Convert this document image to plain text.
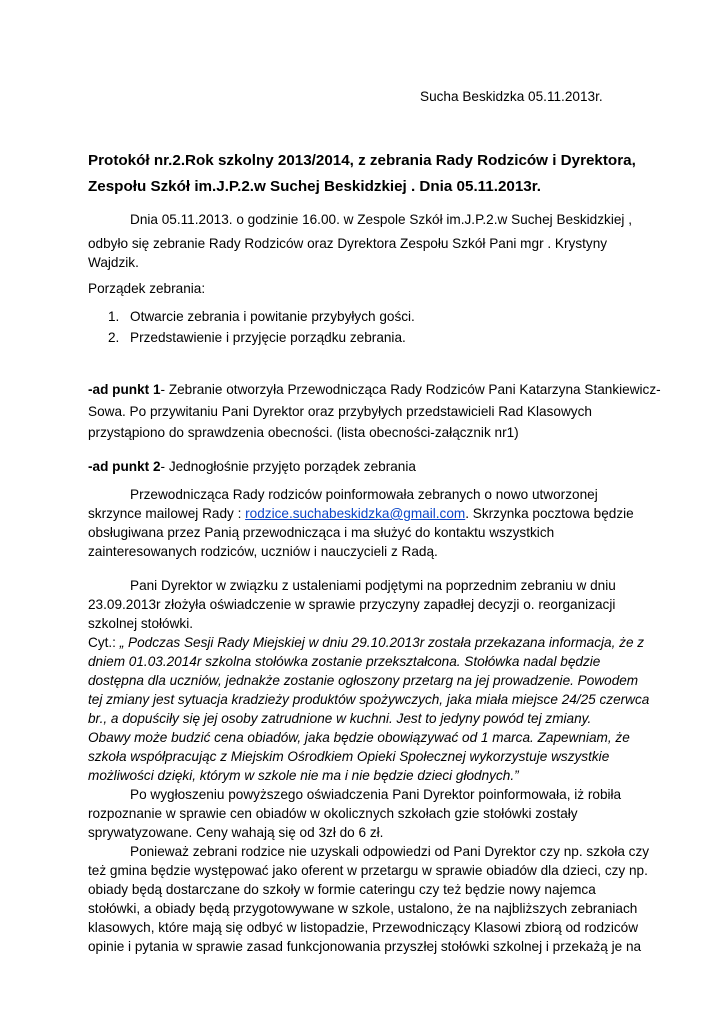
Sucha Beskidzka 05.11.2013r.
Protokół nr.2.Rok szkolny 2013/2014, z zebrania Rady Rodziców i Dyrektora,
Zespołu Szkół im.J.P.2.w Suchej Beskidzkiej . Dnia 05.11.2013r.
Dnia 05.11.2013. o godzinie 16.00. w Zespole Szkół im.J.P.2.w Suchej Beskidzkiej ,
odbyło się zebranie Rady Rodziców oraz Dyrektora Zespołu Szkół Pani mgr . Krystyny
Wajdzik.
Porządek zebrania:
1. Otwarcie zebrania i powitanie przybyłych gości.
2. Przedstawienie i przyjęcie porządku zebrania.
-ad punkt 1- Zebranie otworzyła Przewodnicząca Rady Rodziców Pani Katarzyna Stankiewicz-
Sowa. Po przywitaniu Pani Dyrektor oraz przybyłych przedstawicieli Rad Klasowych
przystąpiono do sprawdzenia obecności. (lista obecności-załącznik nr1)
-ad punkt 2- Jednogłośnie przyjęto porządek zebrania
Przewodnicząca Rady rodziców poinformowała zebranych o nowo utworzonej
skrzynce mailowej Rady : rodzice.suchabeskidzka@gmail.com. Skrzynka pocztowa będzie
obsługiwana przez Panią przewodnicząca i ma służyć do kontaktu wszystkich
zainteresowanych rodziców, uczniów i nauczycieli z Radą.
Pani Dyrektor w związku z ustaleniami podjętymi na poprzednim zebraniu w dniu
23.09.2013r złożyła oświadczenie w sprawie przyczyny zapadłej decyzji o. reorganizacji
szkolnej stołówki.
Cyt.: „ Podczas Sesji Rady Miejskiej w dniu 29.10.2013r została przekazana informacja, że z
dniem 01.03.2014r szkolna stołówka zostanie przekształcona. Stołówka nadal będzie
dostępna dla uczniów, jednakże zostanie ogłoszony przetarg na jej prowadzenie. Powodem
tej zmiany jest sytuacja kradzieży produktów spożywczych, jaka miała miejsce 24/25 czerwca
br., a dopuściły się jej osoby zatrudnione w kuchni. Jest to jedyny powód tej zmiany.
Obawy może budzić cena obiadów, jaka będzie obowiązywać od 1 marca. Zapewniam, że
szkoła współpracując z Miejskim Ośrodkiem Opieki Społecznej wykorzystuje wszystkie
możliwości dzięki, którym w szkole nie ma i nie będzie dzieci głodnych.”
Po wygłoszeniu powyższego oświadczenia Pani Dyrektor poinformowała, iż robiła
rozpoznanie w sprawie cen obiadów w okolicznych szkołach gzie stołówki zostały
sprywatyzowane. Ceny wahają się od 3zł do 6 zł.
Ponieważ zebrani rodzice nie uzyskali odpowiedzi od Pani Dyrektor czy np. szkoła czy
też gmina będzie występować jako oferent w przetargu w sprawie obiadów dla dzieci, czy np.
obiady będą dostarczane do szkoły w formie cateringu czy też będzie nowy najemca
stołówki, a obiady będą przygotowywane w szkole, ustalono, że na najbliższych zebraniach
klasowych, które mają się odbyć w listopadzie, Przewodniczący Klasowi zbiorą od rodziców
opinie i pytania w sprawie zasad funkcjonowania przyszłej stołówki szkolnej i przekażą je na
